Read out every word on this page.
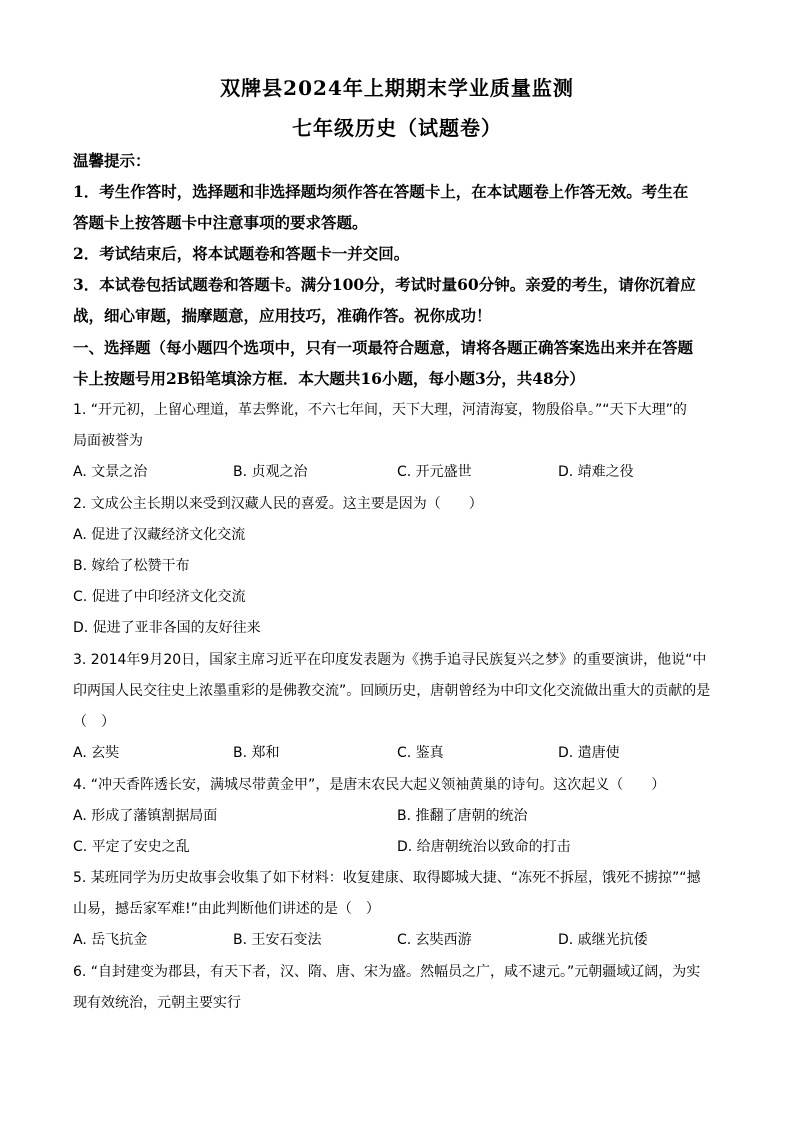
双牌县2024年上期期末学业质量监测
七年级历史（试题卷）
温馨提示：
1．考生作答时，选择题和非选择题均须作答在答题卡上，在本试题卷上作答无效。考生在
答题卡上按答题卡中注意事项的要求答题。
2．考试结束后，将本试题卷和答题卡一并交回。
3．本试卷包括试题卷和答题卡。满分100分，考试时量60分钟。亲爱的考生，请你沉着应
战，细心审题，揣摩题意，应用技巧，准确作答。祝你成功！
一、选择题（每小题四个选项中，只有一项最符合题意，请将各题正确答案选出来并在答题
卡上按题号用2B铅笔填涂方框．本大题共16小题，每小题3分，共48分）
1. “开元初，上留心理道，革去弊讹，不六七年间，天下大理，河清海宴，物殷俗阜。”“天下大理”的
局面被誉为
A. 文景之治	B. 贞观之治	C. 开元盛世	D. 靖难之役
2. 文成公主长期以来受到汉藏人民的喜爱。这主要是因为（　　）
A. 促进了汉藏经济文化交流
B. 嫁给了松赞干布
C. 促进了中印经济文化交流
D. 促进了亚非各国的友好往来
3. 2014年9月20日，国家主席习近平在印度发表题为《携手追寻民族复兴之梦》的重要演讲，他说“中
印两国人民交往史上浓墨重彩的是佛教交流”。回顾历史，唐朝曾经为中印文化交流做出重大的贡献的是
（　）
A. 玄奘	B. 郑和	C. 鉴真	D. 遣唐使
4. “冲天香阵透长安，满城尽带黄金甲”，是唐末农民大起义领袖黄巢的诗句。这次起义（　　）
A. 形成了藩镇割据局面	B. 推翻了唐朝的统治
C. 平定了安史之乱	D. 给唐朝统治以致命的打击
5. 某班同学为历史故事会收集了如下材料：收复建康、取得郾城大捷、“冻死不拆屋，饿死不掳掠”“撼
山易，撼岳家军难!”由此判断他们讲述的是（　）
A. 岳飞抗金	B. 王安石变法	C. 玄奘西游	D. 戚继光抗倭
6. “自封建变为郡县，有天下者，汉、隋、唐、宋为盛。然幅员之广，咸不逮元。”元朝疆域辽阔，为实
现有效统治，元朝主要实行
